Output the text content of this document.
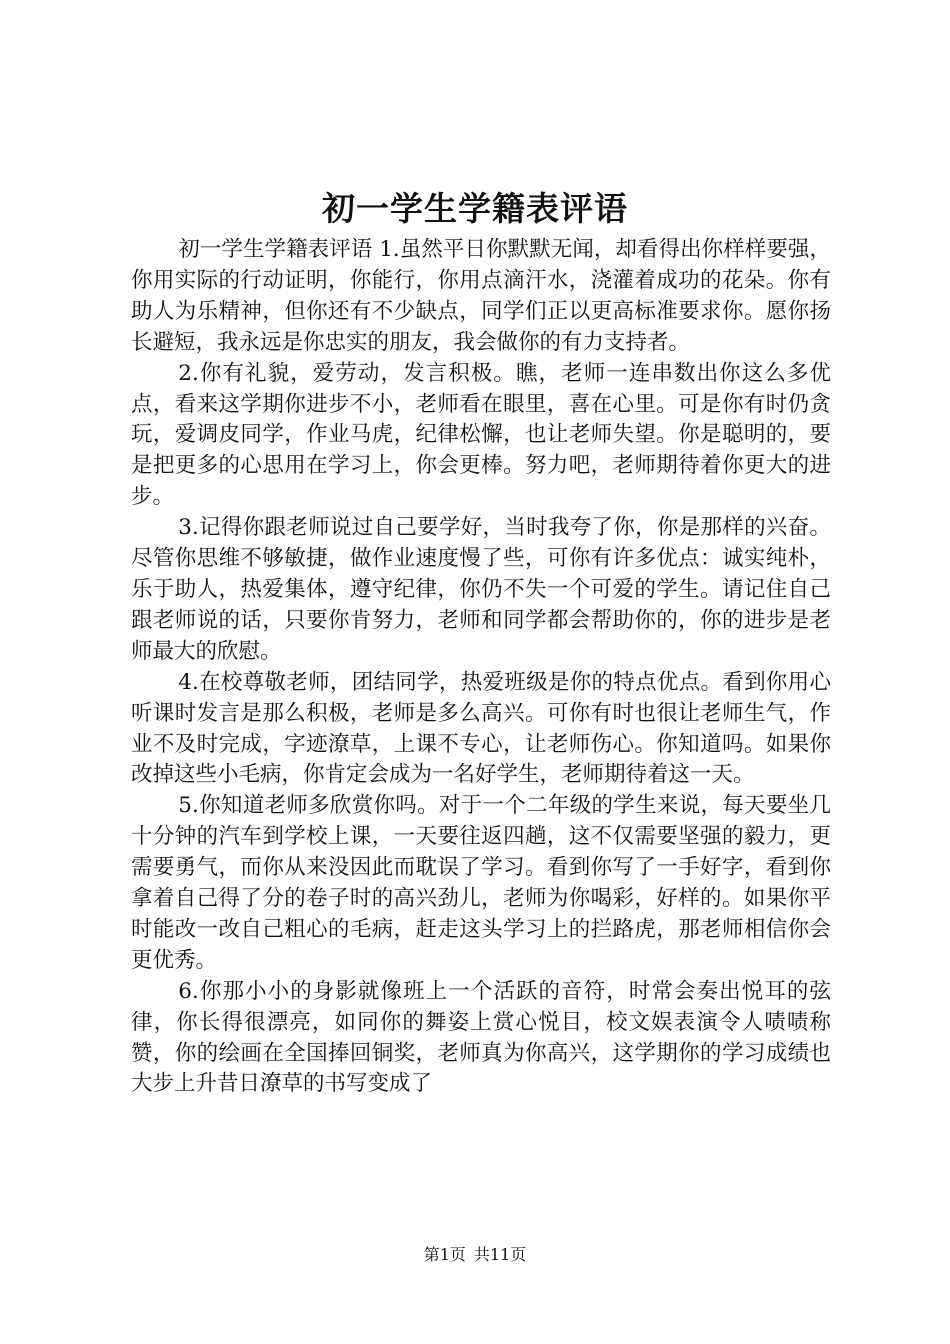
初一学生学籍表评语

初一学生学籍表评语 1.虽然平日你默默无闻，却看得出你样样要强，你用实际的行动证明，你能行，你用点滴汗水，浇灌着成功的花朵。你有助人为乐精神，但你还有不少缺点，同学们正以更高标准要求你。愿你扬长避短，我永远是你忠实的朋友，我会做你的有力支持者。

2.你有礼貌，爱劳动，发言积极。瞧，老师一连串数出你这么多优点，看来这学期你进步不小，老师看在眼里，喜在心里。可是你有时仍贪玩，爱调皮同学，作业马虎，纪律松懈，也让老师失望。你是聪明的，要是把更多的心思用在学习上，你会更棒。努力吧，老师期待着你更大的进步。

3.记得你跟老师说过自己要学好，当时我夸了你，你是那样的兴奋。尽管你思维不够敏捷，做作业速度慢了些，可你有许多优点：诚实纯朴，乐于助人，热爱集体，遵守纪律，你仍不失一个可爱的学生。请记住自己跟老师说的话，只要你肯努力，老师和同学都会帮助你的，你的进步是老师最大的欣慰。

4.在校尊敬老师，团结同学，热爱班级是你的特点优点。看到你用心听课时发言是那么积极，老师是多么高兴。可你有时也很让老师生气，作业不及时完成，字迹潦草，上课不专心，让老师伤心。你知道吗。如果你改掉这些小毛病，你肯定会成为一名好学生，老师期待着这一天。

5.你知道老师多欣赏你吗。对于一个二年级的学生来说，每天要坐几十分钟的汽车到学校上课，一天要往返四趟，这不仅需要坚强的毅力，更需要勇气，而你从来没因此而耽误了学习。看到你写了一手好字，看到你拿着自己得了分的卷子时的高兴劲儿，老师为你喝彩，好样的。如果你平时能改一改自己粗心的毛病，赶走这头学习上的拦路虎，那老师相信你会更优秀。

6.你那小小的身影就像班上一个活跃的音符，时常会奏出悦耳的弦律，你长得很漂亮，如同你的舞姿上赏心悦目，校文娱表演令人啧啧称赞，你的绘画在全国捧回铜奖，老师真为你高兴，这学期你的学习成绩也大步上升昔日潦草的书写变成了

第1页 共11页
